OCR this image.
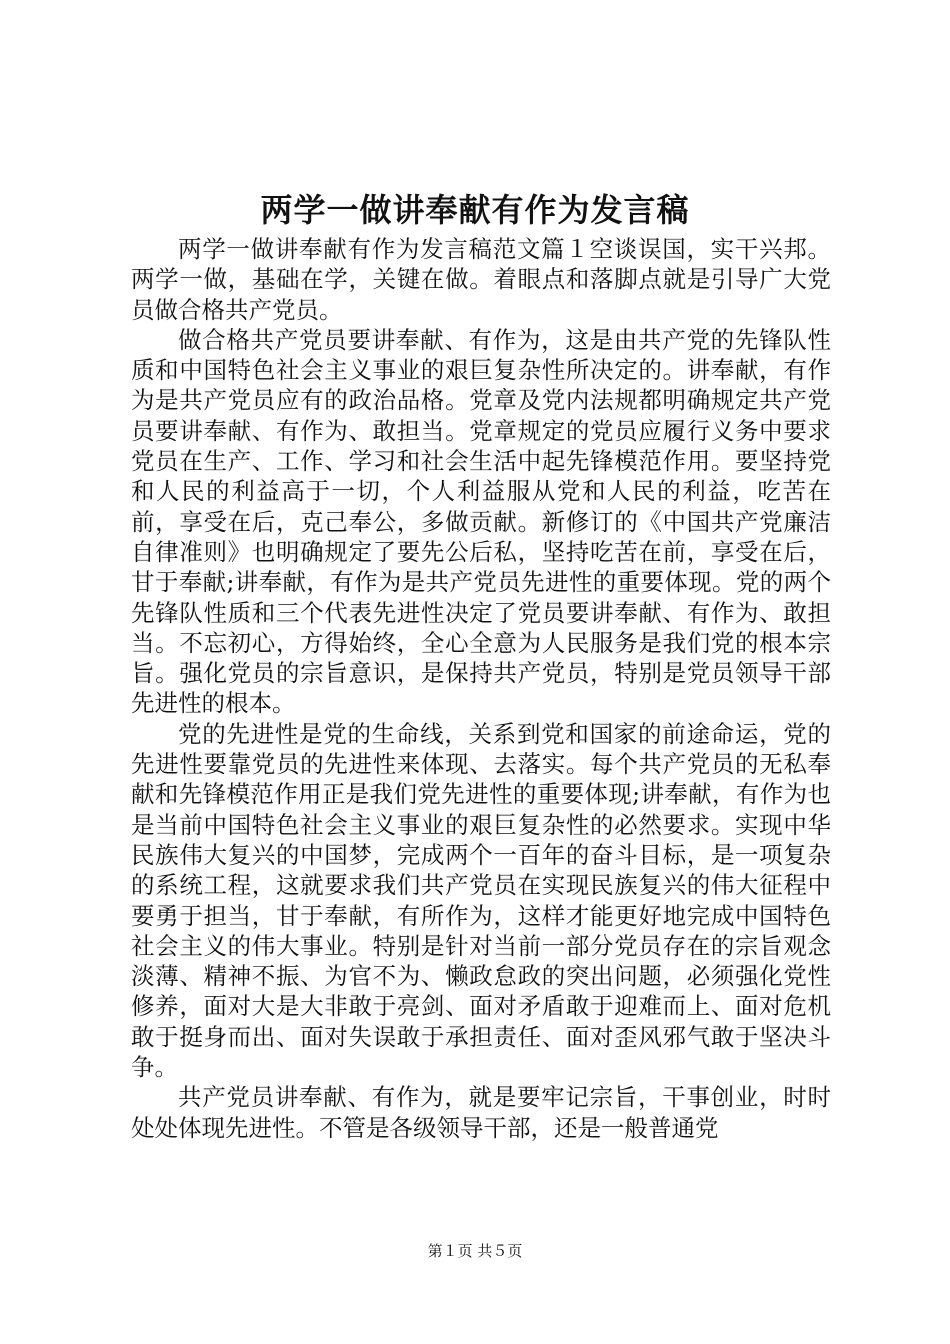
两学一做讲奉献有作为发言稿

两学一做讲奉献有作为发言稿范文篇１空谈误国，实干兴邦。两学一做，基础在学，关键在做。着眼点和落脚点就是引导广大党员做合格共产党员。

做合格共产党员要讲奉献、有作为，这是由共产党的先锋队性质和中国特色社会主义事业的艰巨复杂性所决定的。讲奉献，有作为是共产党员应有的政治品格。党章及党内法规都明确规定共产党员要讲奉献、有作为、敢担当。党章规定的党员应履行义务中要求党员在生产、工作、学习和社会生活中起先锋模范作用。要坚持党和人民的利益高于一切，个人利益服从党和人民的利益，吃苦在前，享受在后，克己奉公，多做贡献。新修订的《中国共产党廉洁自律准则》也明确规定了要先公后私，坚持吃苦在前，享受在后，甘于奉献;讲奉献，有作为是共产党员先进性的重要体现。党的两个先锋队性质和三个代表先进性决定了党员要讲奉献、有作为、敢担当。不忘初心，方得始终，全心全意为人民服务是我们党的根本宗旨。强化党员的宗旨意识，是保持共产党员，特别是党员领导干部先进性的根本。

党的先进性是党的生命线，关系到党和国家的前途命运，党的先进性要靠党员的先进性来体现、去落实。每个共产党员的无私奉献和先锋模范作用正是我们党先进性的重要体现;讲奉献，有作为也是当前中国特色社会主义事业的艰巨复杂性的必然要求。实现中华民族伟大复兴的中国梦，完成两个一百年的奋斗目标，是一项复杂的系统工程，这就要求我们共产党员在实现民族复兴的伟大征程中要勇于担当，甘于奉献，有所作为，这样才能更好地完成中国特色社会主义的伟大事业。特别是针对当前一部分党员存在的宗旨观念淡薄、精神不振、为官不为、懒政怠政的突出问题，必须强化党性修养，面对大是大非敢于亮剑、面对矛盾敢于迎难而上、面对危机敢于挺身而出、面对失误敢于承担责任、面对歪风邪气敢于坚决斗争。

共产党员讲奉献、有作为，就是要牢记宗旨，干事创业，时时处处体现先进性。不管是各级领导干部，还是一般普通党

第１页 共５页
